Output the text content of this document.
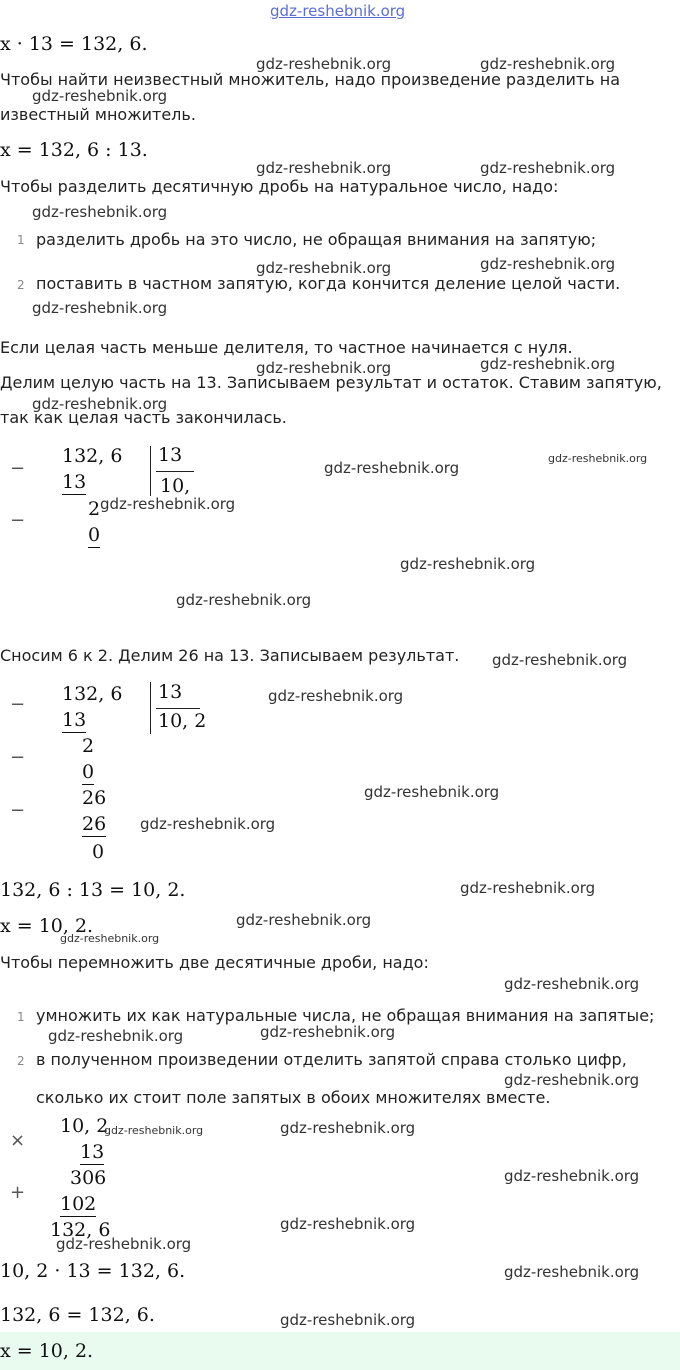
gdz-reshebnik.org
x · 13 = 132, 6.
Чтобы найти неизвестный множитель, надо произведение разделить на
известный множитель.
x = 132, 6 : 13.
Чтобы разделить десятичную дробь на натуральное число, надо:
1 разделить дробь на это число, не обращая внимания на запятую;
2 поставить в частном запятую, когда кончится деление целой части.
Если целая часть меньше делителя, то частное начинается с нуля.
Делим целую часть на 13. Записываем результат и остаток. Ставим запятую,
так как целая часть закончилась.
−
−
132, 6
13
13
10,
2
0
Сносим 6 к 2. Делим 26 на 13. Записываем результат.
−
−
−
132, 6
13
13
10, 2
2
0
26
26
0
132, 6 : 13 = 10, 2.
x = 10, 2.
Чтобы перемножить две десятичные дроби, надо:
1 умножить их как натуральные числа, не обращая внимания на запятые;
2 в полученном произведении отделить запятой справа столько цифр,
сколько их стоит поле запятых в обоих множителях вместе.
×
+
10, 2
13
306
102
132, 6
10, 2 · 13 = 132, 6.
132, 6 = 132, 6.
x = 10, 2.
gdz-reshebnik.org	gdz-reshebnik.org
gdz-reshebnik.org
gdz-reshebnik.org	gdz-reshebnik.org
gdz-reshebnik.org
gdz-reshebnik.org	gdz-reshebnik.org
gdz-reshebnik.org
gdz-reshebnik.org	gdz-reshebnik.org
gdz-reshebnik.org
gdz-reshebnik.org
gdz-reshebnik.org
gdz-reshebnik.org
gdz-reshebnik.org
gdz-reshebnik.org
gdz-reshebnik.org
gdz-reshebnik.org
gdz-reshebnik.org
gdz-reshebnik.org
gdz-reshebnik.org
gdz-reshebnik.org
gdz-reshebnik.org
gdz-reshebnik.org
gdz-reshebnik.org	gdz-reshebnik.org
gdz-reshebnik.org
gdz-reshebnik.org	gdz-reshebnik.org
gdz-reshebnik.org
gdz-reshebnik.org
gdz-reshebnik.org
gdz-reshebnik.org
gdz-reshebnik.org
